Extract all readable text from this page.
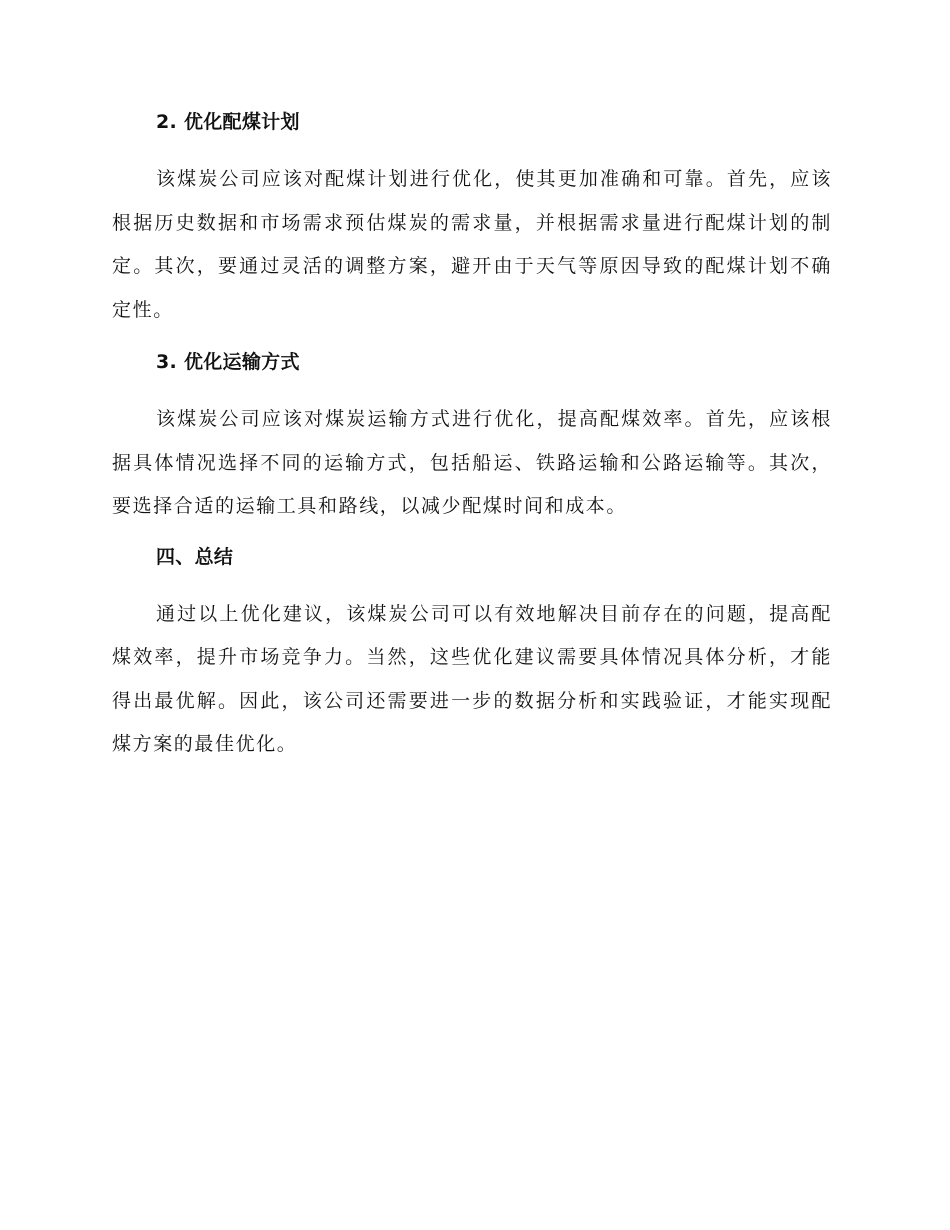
2. 优化配煤计划

该煤炭公司应该对配煤计划进行优化，使其更加准确和可靠。首先，应该根据历史数据和市场需求预估煤炭的需求量，并根据需求量进行配煤计划的制定。其次，要通过灵活的调整方案，避开由于天气等原因导致的配煤计划不确定性。

3. 优化运输方式

该煤炭公司应该对煤炭运输方式进行优化，提高配煤效率。首先，应该根据具体情况选择不同的运输方式，包括船运、铁路运输和公路运输等。其次，要选择合适的运输工具和路线，以减少配煤时间和成本。

四、总结

通过以上优化建议，该煤炭公司可以有效地解决目前存在的问题，提高配煤效率，提升市场竞争力。当然，这些优化建议需要具体情况具体分析，才能得出最优解。因此，该公司还需要进一步的数据分析和实践验证，才能实现配煤方案的最佳优化。
